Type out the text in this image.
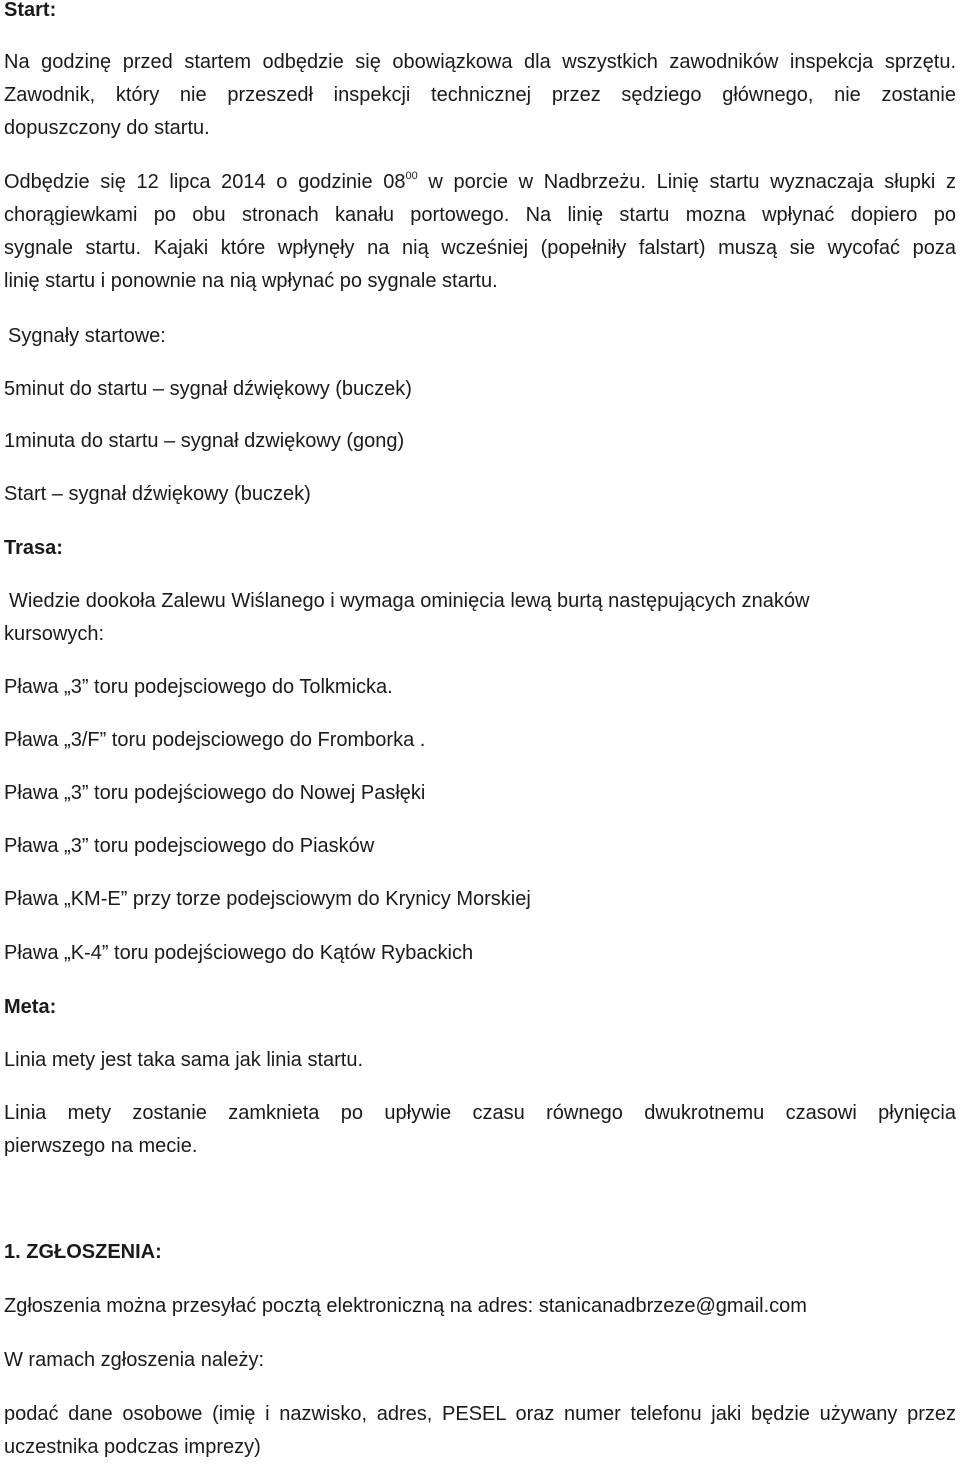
Start:
Na godzinę przed startem odbędzie się obowiązkowa dla wszystkich zawodników inspekcja sprzętu.
Zawodnik, który nie przeszedł inspekcji technicznej przez sędziego głównego, nie zostanie
dopuszczony do startu.
Odbędzie się 12 lipca 2014 o godzinie $08^{00}$ w porcie w Nadbrzeżu. Linię startu wyznaczaja słupki z
chorągiewkami po obu stronach kanału portowego. Na linię startu mozna wpłynać dopiero po
sygnale startu. Kajaki które wpłynęły na nią wcześniej (popełniły falstart) muszą sie wycofać poza
linię startu i ponownie na nią wpłynać po sygnale startu.
Sygnały startowe:
5minut do startu – sygnał dźwiękowy (buczek)
1minuta do startu – sygnał dzwiękowy (gong)
Start – sygnał dźwiękowy (buczek)
Trasa:
Wiedzie dookoła Zalewu Wiślanego i wymaga ominięcia lewą burtą następujących znaków
kursowych:
Pława „3” toru podejsciowego do Tolkmicka.
Pława „3/F” toru podejsciowego do Fromborka .
Pława „3” toru podejściowego do Nowej Pasłęki
Pława „3” toru podejsciowego do Piasków
Pława „KM-E” przy torze podejsciowym do Krynicy Morskiej
Pława „K-4” toru podejściowego do Kątów Rybackich
Meta:
Linia mety jest taka sama jak linia startu.
Linia mety zostanie zamknieta po upływie czasu równego dwukrotnemu czasowi płynięcia
pierwszego na mecie.
1. ZGŁOSZENIA:
Zgłoszenia można przesyłać pocztą elektroniczną na adres: stanicanadbrzeze@gmail.com
W ramach zgłoszenia należy:
podać dane osobowe (imię i nazwisko, adres, PESEL oraz numer telefonu jaki będzie używany przez
uczestnika podczas imprezy)
